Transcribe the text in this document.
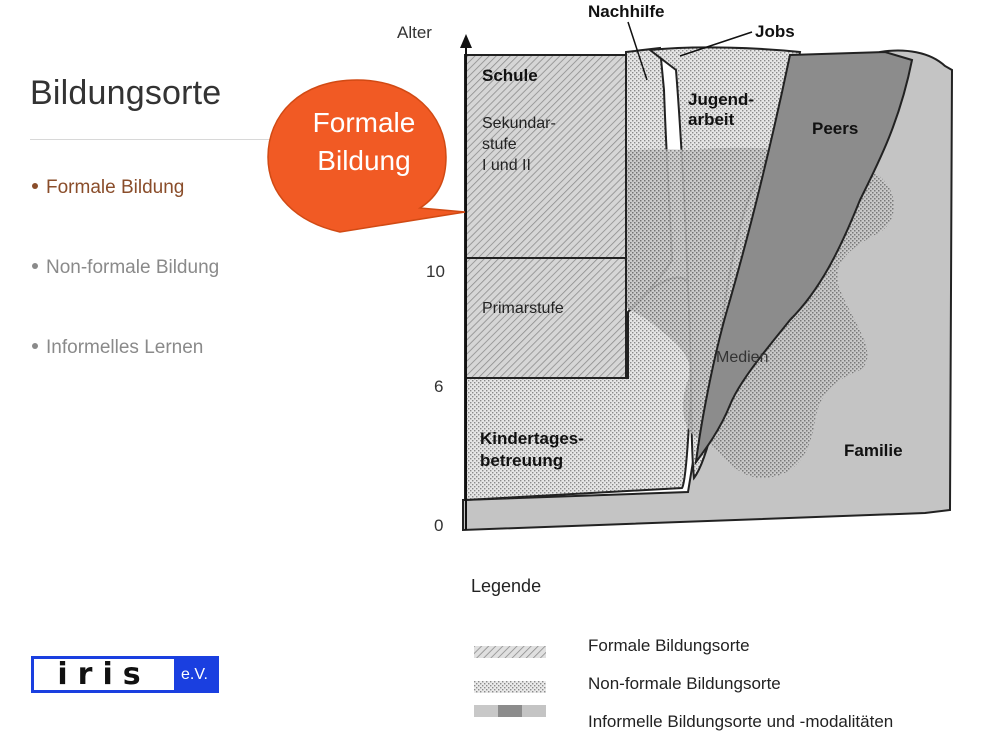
Bildungsorte
Formale Bildung
Non-formale Bildung
Informelles Lernen
Alter
10
6
0
Nachhilfe
Jobs
Schule
Sekundar-
stufe
I und II
Jugend-
arbeit	Peers
Primarstufe
Medien
Kindertages-
betreuung
Familie
Formale
Bildung
Legende
Formale Bildungsorte
Non-formale Bildungsorte
Informelle Bildungsorte und -modalitäten
iris	e.V.
